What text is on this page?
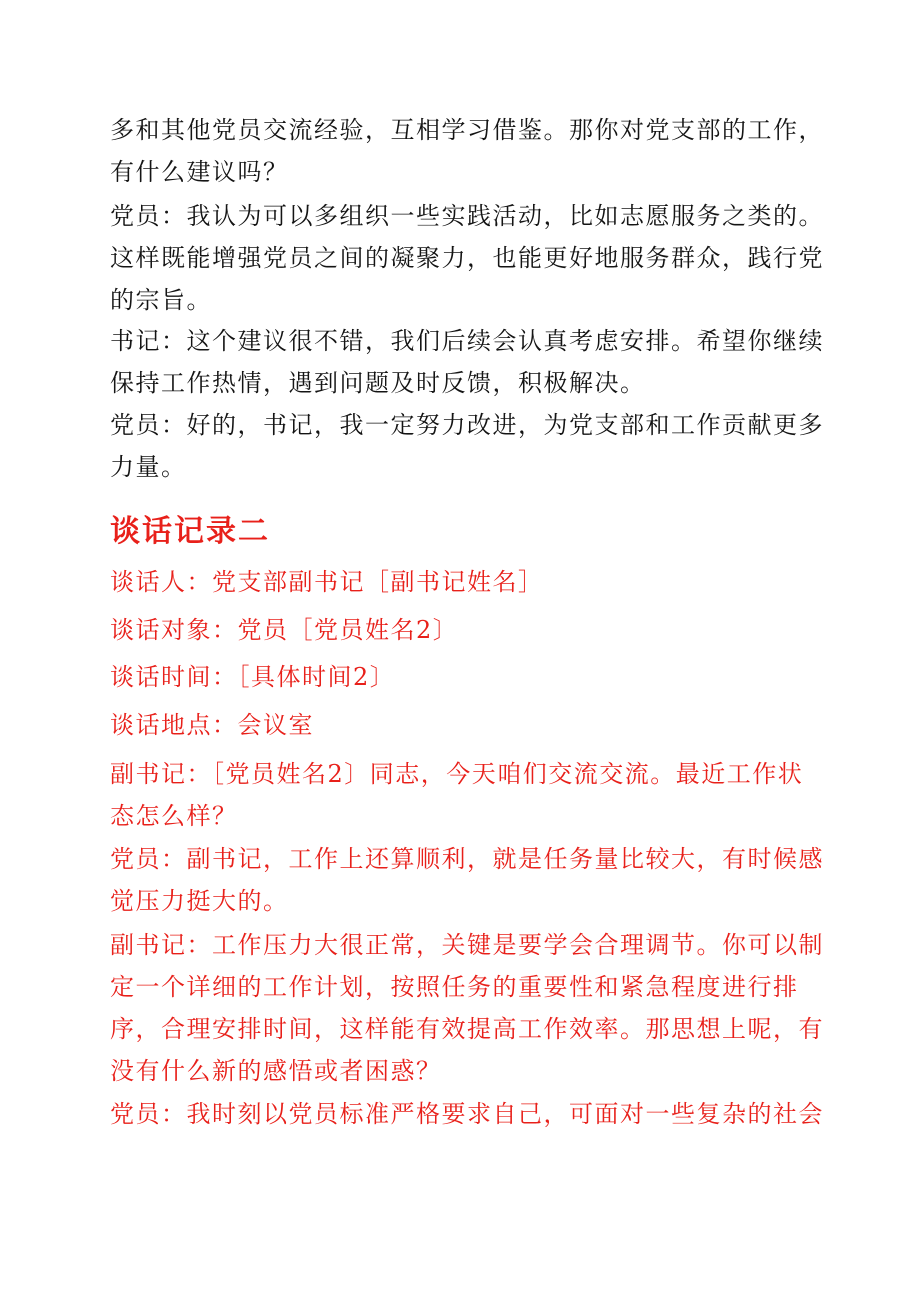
多和其他党员交流经验，互相学习借鉴。那你对党支部的工作，
有什么建议吗？
党员：我认为可以多组织一些实践活动，比如志愿服务之类的。
这样既能增强党员之间的凝聚力，也能更好地服务群众，践行党
的宗旨。
书记：这个建议很不错，我们后续会认真考虑安排。希望你继续
保持工作热情，遇到问题及时反馈，积极解决。
党员：好的，书记，我一定努力改进，为党支部和工作贡献更多
力量。
谈话记录二
谈话人：党支部副书记［副书记姓名］
谈话对象：党员［党员姓名2〕
谈话时间：［具体时间2〕
谈话地点：会议室
副书记：［党员姓名2〕同志，今天咱们交流交流。最近工作状
态怎么样？
党员：副书记，工作上还算顺利，就是任务量比较大，有时候感
觉压力挺大的。
副书记：工作压力大很正常，关键是要学会合理调节。你可以制
定一个详细的工作计划，按照任务的重要性和紧急程度进行排
序，合理安排时间，这样能有效提高工作效率。那思想上呢，有
没有什么新的感悟或者困惑？
党员：我时刻以党员标准严格要求自己，可面对一些复杂的社会
